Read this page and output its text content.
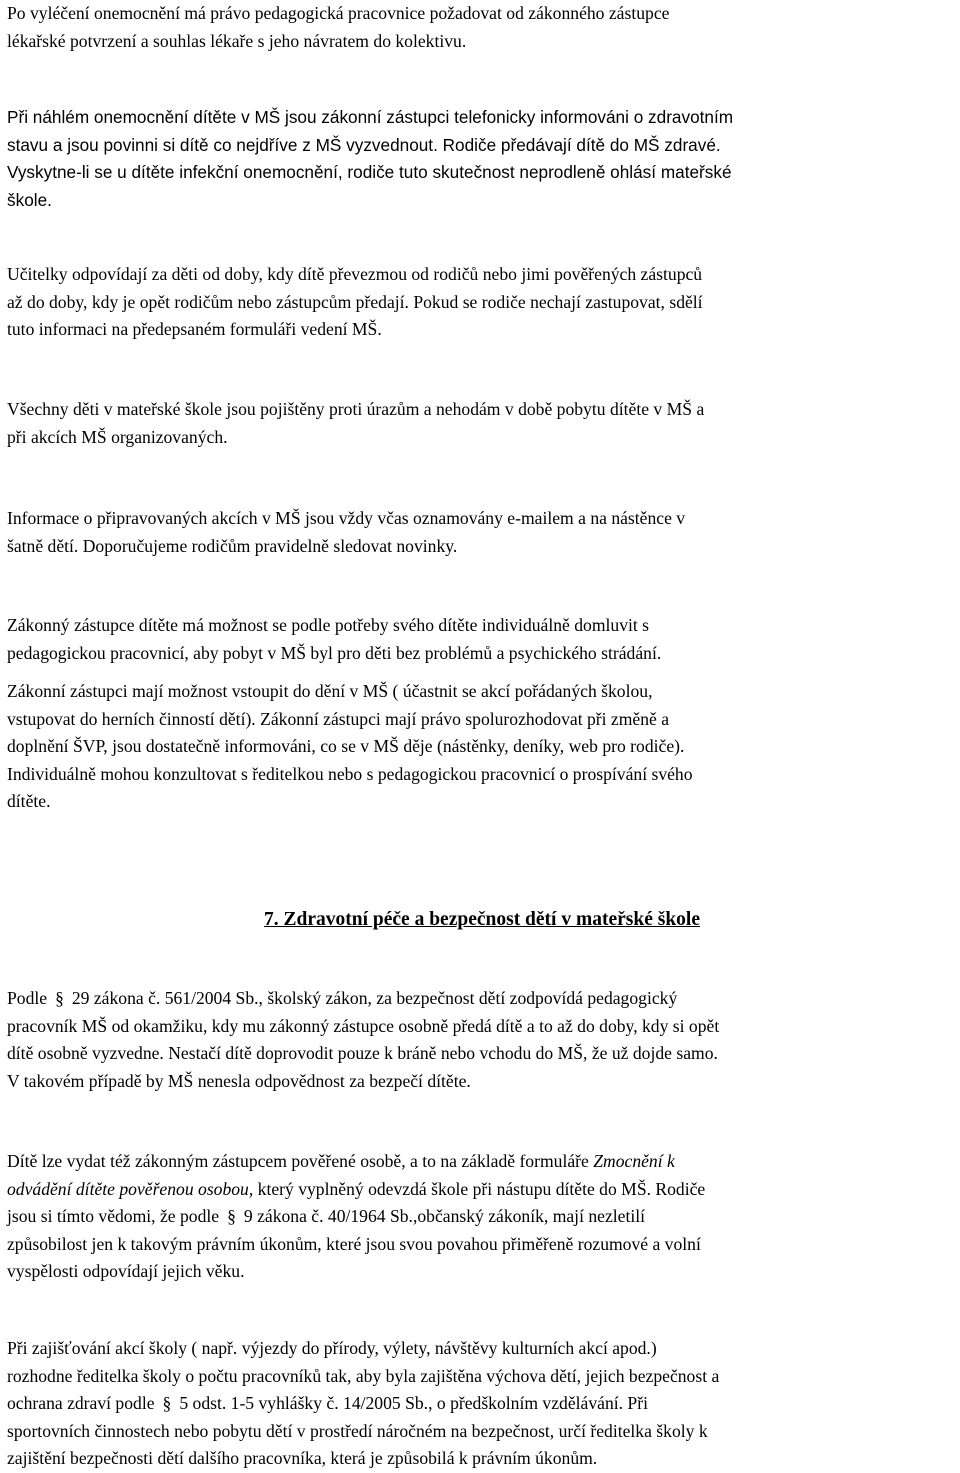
Po vyléčení onemocnění má právo pedagogická pracovnice požadovat od zákonného zástupce
lékařské potvrzení a souhlas lékaře s jeho návratem do kolektivu.
Při náhlém onemocnění dítěte v MŠ jsou zákonní zástupci telefonicky informováni o zdravotním
stavu a jsou povinni si dítě co nejdříve z MŠ vyzvednout. Rodiče předávají dítě do MŠ zdravé.
Vyskytne-li se u dítěte infekční onemocnění, rodiče tuto skutečnost neprodleně ohlásí mateřské
škole.
Učitelky odpovídají za děti od doby, kdy dítě převezmou od rodičů nebo jimi pověřených zástupců
až do doby, kdy je opět rodičům nebo zástupcům předají. Pokud se rodiče nechají zastupovat, sdělí
tuto informaci na předepsaném formuláři vedení MŠ.
Všechny děti v mateřské škole jsou pojištěny proti úrazům a nehodám v době pobytu dítěte v MŠ a
při akcích MŠ organizovaných.
Informace o připravovaných akcích v MŠ jsou vždy včas oznamovány e-mailem a na nástěnce v
šatně dětí. Doporučujeme rodičům pravidelně sledovat novinky.
Zákonný zástupce dítěte má možnost se podle potřeby svého dítěte individuálně domluvit s
pedagogickou pracovnicí, aby pobyt v MŠ byl pro děti bez problémů a psychického strádání.
Zákonní zástupci mají možnost vstoupit do dění v MŠ ( účastnit se akcí pořádaných školou,
vstupovat do herních činností dětí). Zákonní zástupci mají právo spolurozhodovat při změně a
doplnění ŠVP, jsou dostatečně informováni, co se v MŠ děje (nástěnky, deníky, web pro rodiče).
Individuálně mohou konzultovat s ředitelkou nebo s pedagogickou pracovnicí o prospívání svého
dítěte.
7. Zdravotní péče a bezpečnost dětí v mateřské škole
Podle § 29 zákona č. 561/2004 Sb., školský zákon, za bezpečnost dětí zodpovídá pedagogický
pracovník MŠ od okamžiku, kdy mu zákonný zástupce osobně předá dítě a to až do doby, kdy si opět
dítě osobně vyzvedne. Nestačí dítě doprovodit pouze k bráně nebo vchodu do MŠ, že už dojde samo.
V takovém případě by MŠ nenesla odpovědnost za bezpečí dítěte.
Dítě lze vydat též zákonným zástupcem pověřené osobě, a to na základě formuláře Zmocnění k
odvádění dítěte pověřenou osobou, který vyplněný odevzdá škole při nástupu dítěte do MŠ. Rodiče
jsou si tímto vědomi, že podle § 9 zákona č. 40/1964 Sb.,občanský zákoník, mají nezletilí
způsobilost jen k takovým právním úkonům, které jsou svou povahou přiměřeně rozumové a volní
vyspělosti odpovídají jejich věku.
Při zajišťování akcí školy ( např. výjezdy do přírody, výlety, návštěvy kulturních akcí apod.)
rozhodne ředitelka školy o počtu pracovníků tak, aby byla zajištěna výchova dětí, jejich bezpečnost a
ochrana zdraví podle § 5 odst. 1-5 vyhlášky č. 14/2005 Sb., o předškolním vzdělávání. Při
sportovních činnostech nebo pobytu dětí v prostředí náročném na bezpečnost, určí ředitelka školy k
zajištění bezpečnosti dětí dalšího pracovníka, která je způsobilá k právním úkonům.
